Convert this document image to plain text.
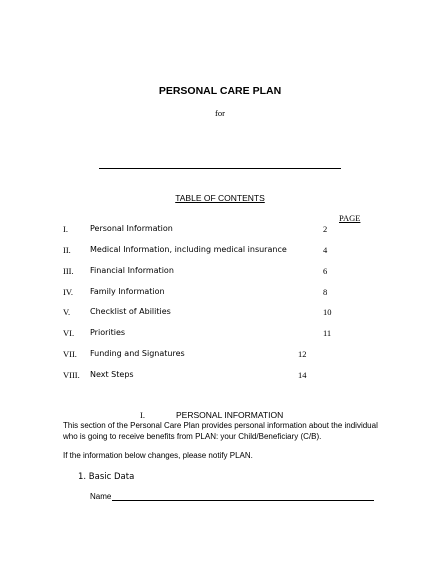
PERSONAL CARE PLAN
for
TABLE OF CONTENTS
PAGE
I.	Personal Information	2
II. Medical Information, including medical insurance	4
III. Financial Information	6
IV. Family Information	8
V. Checklist of Abilities	10
VI. Priorities	11
VII. Funding and Signatures	12
VIII. Next Steps	14
I.	PERSONAL INFORMATION
This section of the Personal Care Plan provides personal information about the individual who is going to receive benefits from PLAN: your Child/Beneficiary (C/B).
If the information below changes, please notify PLAN.
1. Basic Data
Name
